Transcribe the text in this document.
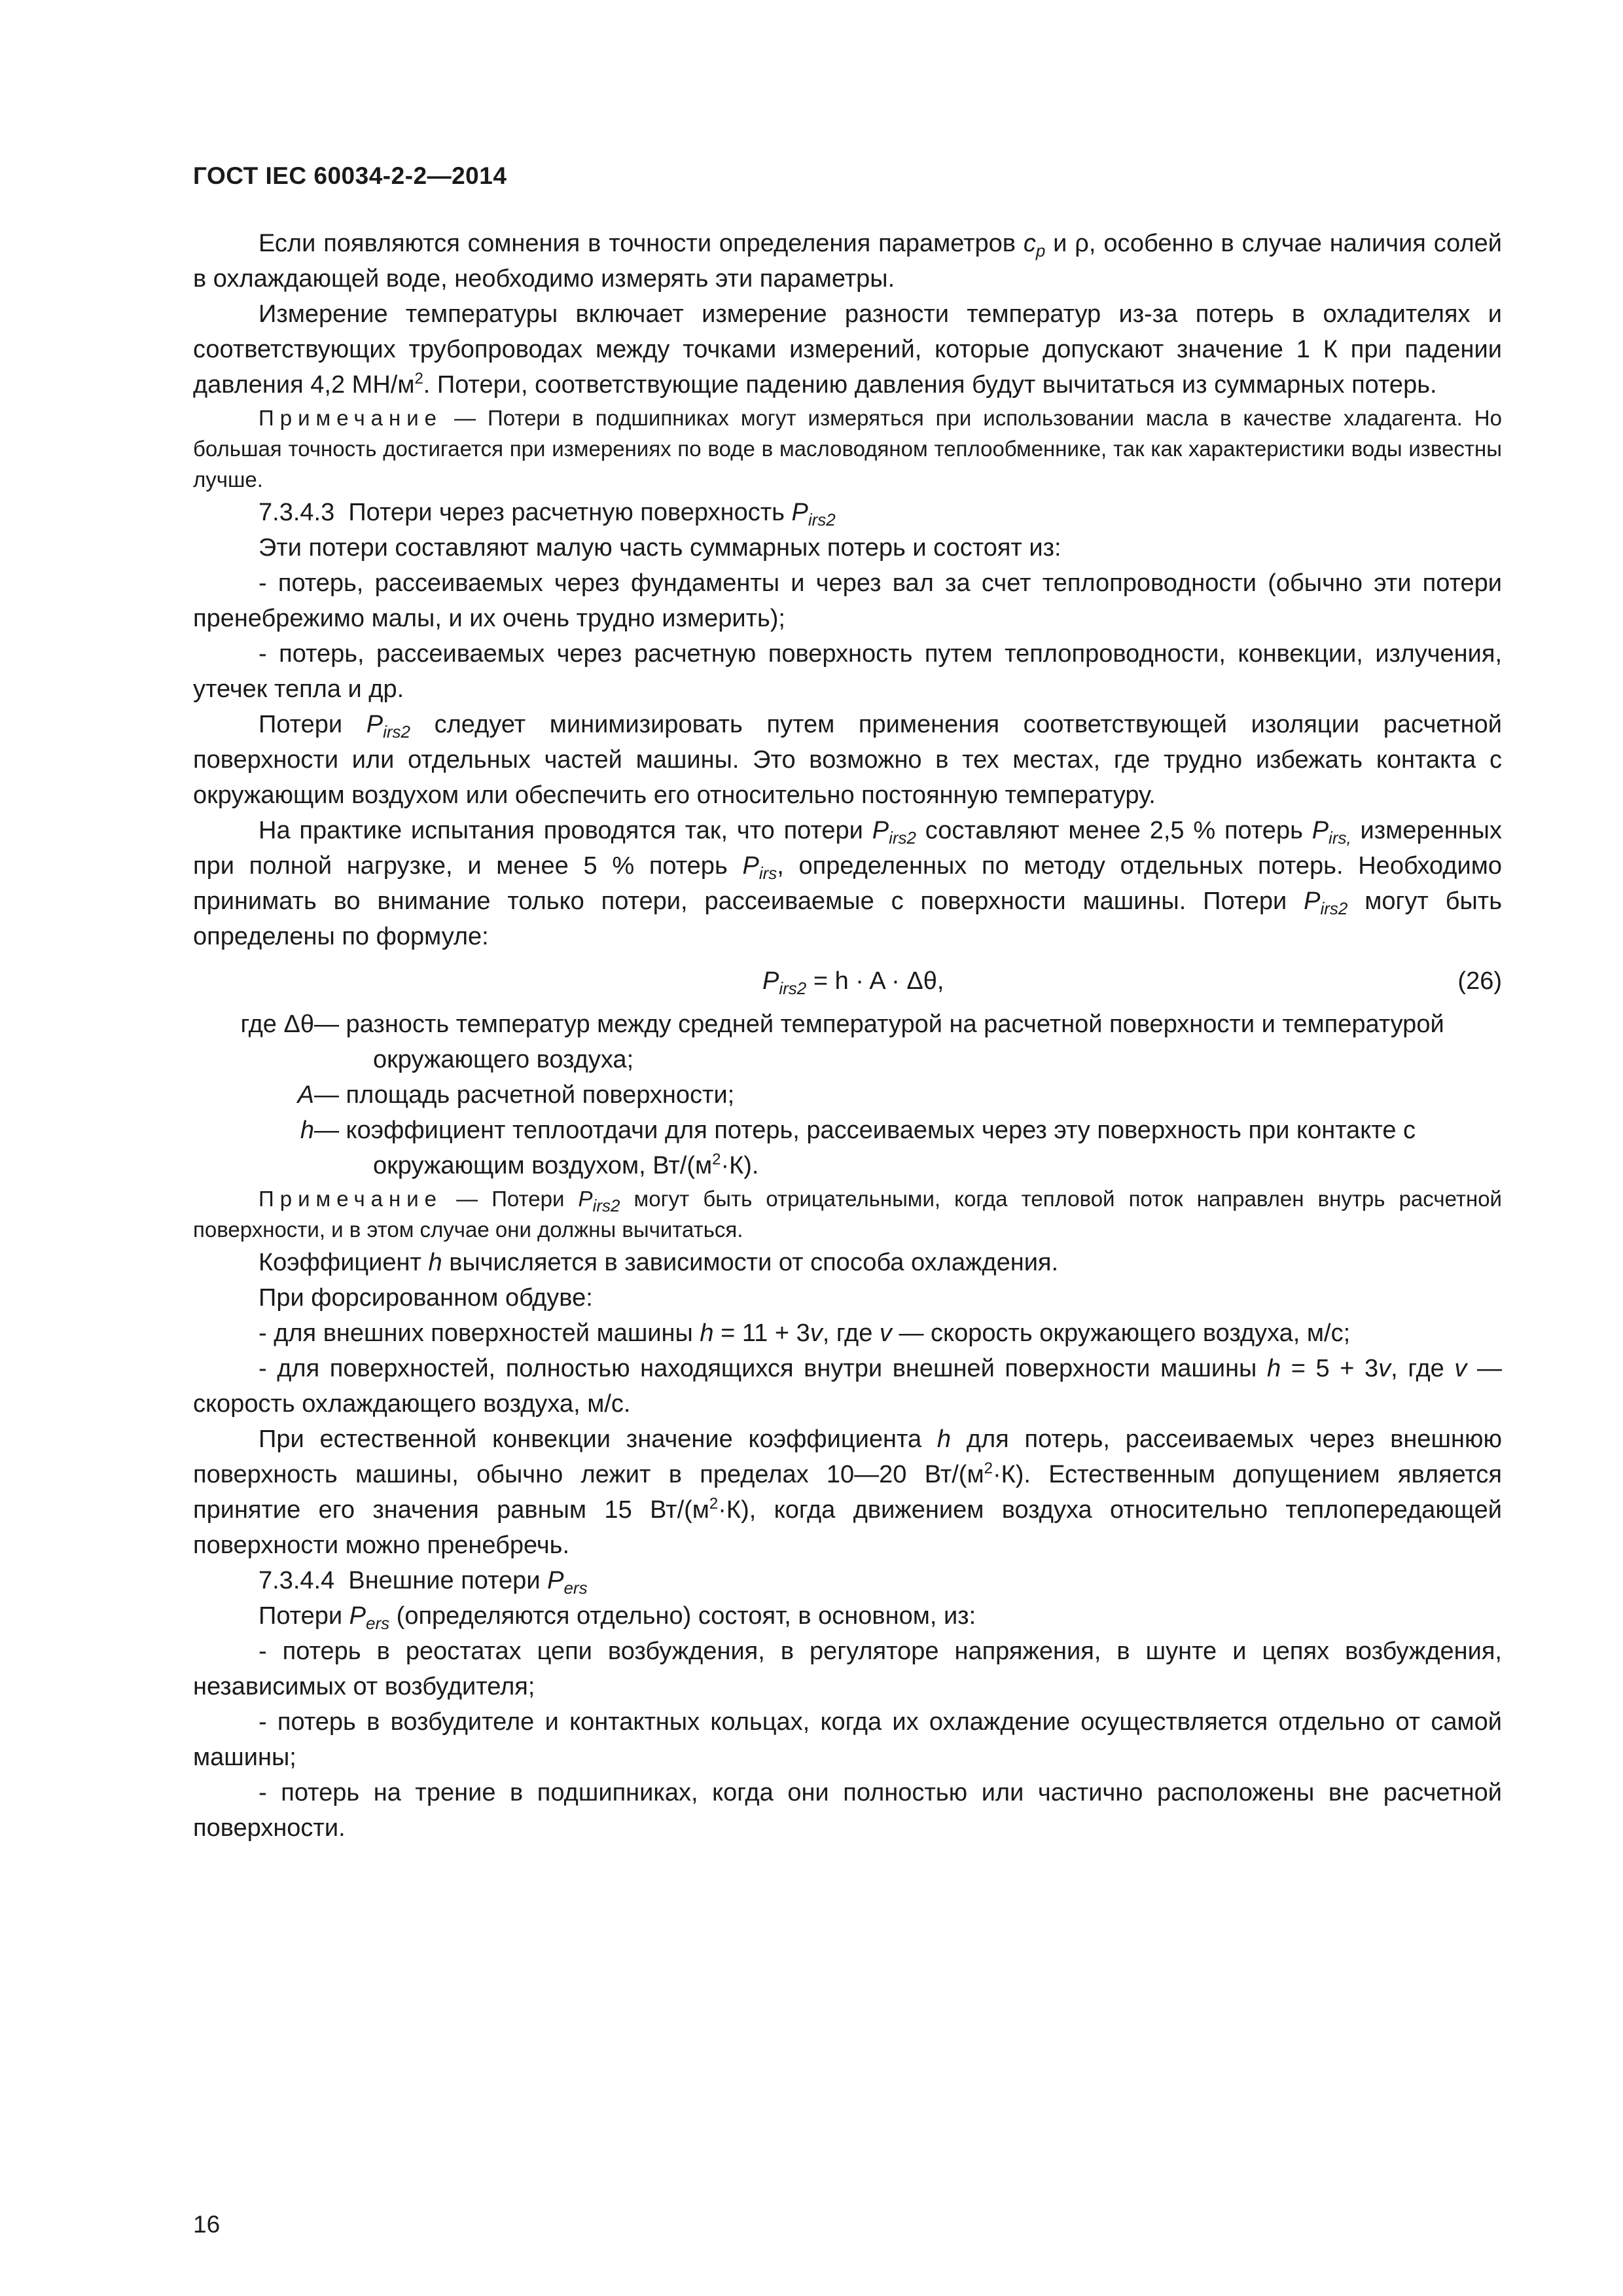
ГОСТ IEC 60034-2-2—2014

Если появляются сомнения в точности определения параметров $c_p$ и ρ, особенно в случае наличия солей в охлаждающей воде, необходимо измерять эти параметры.

Измерение температуры включает измерение разности температур из-за потерь в охладителях и соответствующих трубопроводах между точками измерений, которые допускают значение 1 К при падении давления 4,2 $МН/м^2$. Потери, соответствующие падению давления будут вычитаться из суммарных потерь.

Примечание — Потери в подшипниках могут измеряться при использовании масла в качестве хладагента. Но большая точность достигается при измерениях по воде в масловодяном теплообменнике, так как характеристики воды известны лучше.

7.3.4.3 Потери через расчетную поверхность $P_{irs2}$

Эти потери составляют малую часть суммарных потерь и состоят из:

- потерь, рассеиваемых через фундаменты и через вал за счет теплопроводности (обычно эти потери пренебрежимо малы, и их очень трудно измерить);

- потерь, рассеиваемых через расчетную поверхность путем теплопроводности, конвекции, излучения, утечек тепла и др.

Потери $P_{irs2}$ следует минимизировать путем применения соответствующей изоляции расчетной поверхности или отдельных частей машины. Это возможно в тех местах, где трудно избежать контакта с окружающим воздухом или обеспечить его относительно постоянную температуру.

На практике испытания проводятся так, что потери $P_{irs2}$ составляют менее 2,5 % потерь $P_{irs,}$ измеренных при полной нагрузке, и менее 5 % потерь $P_{irs}$, определенных по методу отдельных потерь. Необходимо принимать во внимание только потери, рассеиваемые с поверхности машины. Потери $P_{irs2}$ могут быть определены по формуле:

$P_{irs2} = h \cdot A \cdot \Delta\theta$,	(26)
где Δθ — разность температур между средней температурой на расчетной поверхности и температурой
окружающего воздуха;
A — площадь расчетной поверхности;
h — коэффициент теплоотдачи для потерь, рассеиваемых через эту поверхность при контакте с
окружающим воздухом, $Вт/(м^2\cdot К)$.

Примечание — Потери $P_{irs2}$ могут быть отрицательными, когда тепловой поток направлен внутрь расчетной поверхности, и в этом случае они должны вычитаться.

Коэффициент h вычисляется в зависимости от способа охлаждения.

При форсированном обдуве:

- для внешних поверхностей машины h = 11 + 3v, где v — скорость окружающего воздуха, м/с;

- для поверхностей, полностью находящихся внутри внешней поверхности машины h = 5 + 3v, где v — скорость охлаждающего воздуха, м/с.

При естественной конвекции значение коэффициента h для потерь, рассеиваемых через внешнюю поверхность машины, обычно лежит в пределах 10—20 $Вт/(м^2\cdot К)$. Естественным допущением является принятие его значения равным 15 $Вт/(м^2\cdot К)$, когда движением воздуха относительно теплопередающей поверхности можно пренебречь.

7.3.4.4 Внешние потери $P_{ers}$

Потери $P_{ers}$ (определяются отдельно) состоят, в основном, из:

- потерь в реостатах цепи возбуждения, в регуляторе напряжения, в шунте и цепях возбуждения, независимых от возбудителя;

- потерь в возбудителе и контактных кольцах, когда их охлаждение осуществляется отдельно от самой машины;

- потерь на трение в подшипниках, когда они полностью или частично расположены вне расчетной поверхности.

16
